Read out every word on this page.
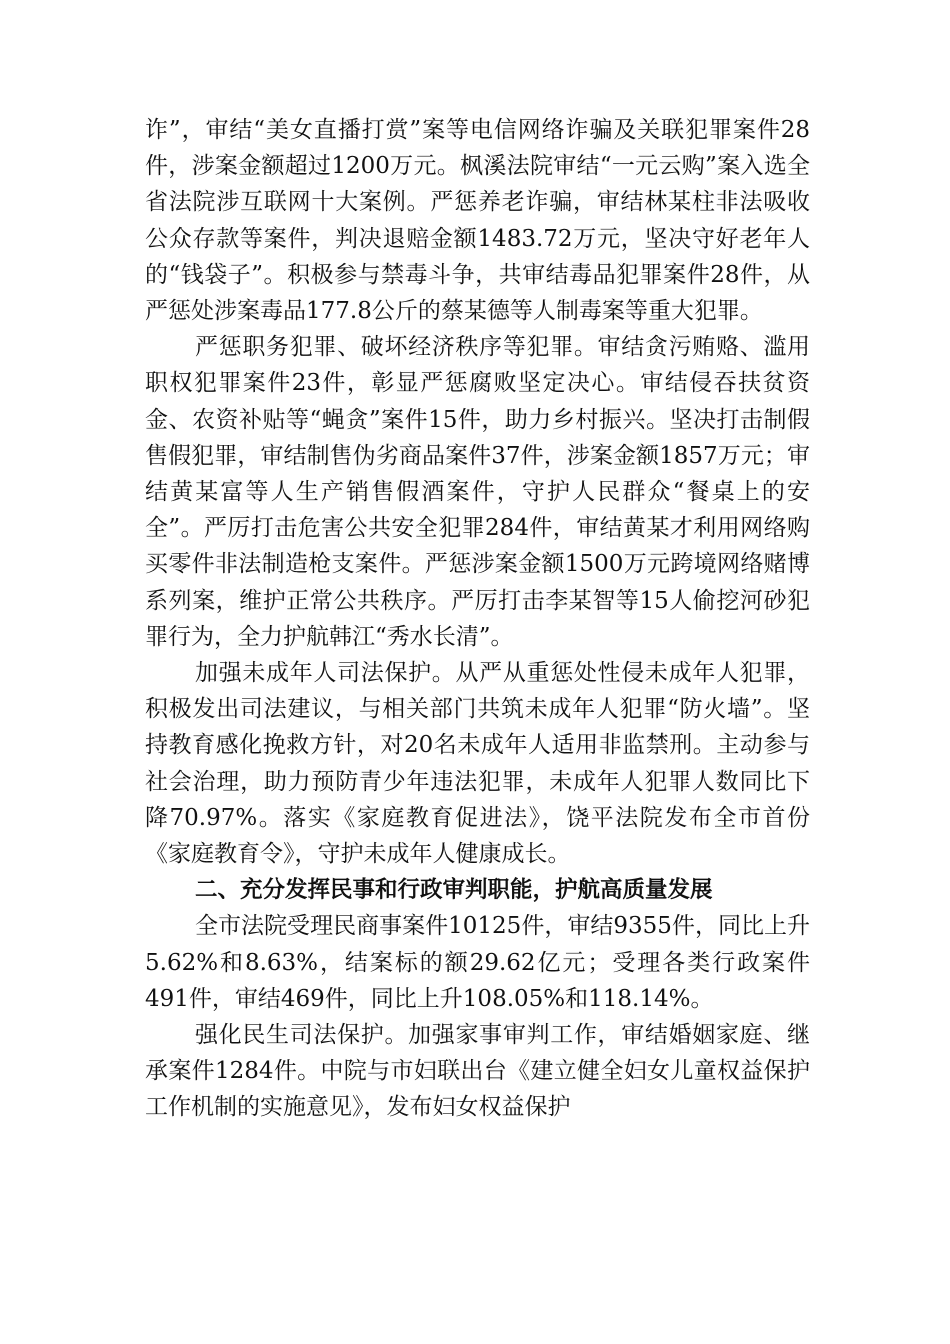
诈”，审结“美女直播打赏”案等电信网络诈骗及关联犯罪案件28件，涉案金额超过1200万元。枫溪法院审结“一元云购”案入选全省法院涉互联网十大案例。严惩养老诈骗，审结林某柱非法吸收公众存款等案件，判决退赔金额1483.72万元，坚决守好老年人的“钱袋子”。积极参与禁毒斗争，共审结毒品犯罪案件28件，从严惩处涉案毒品177.8公斤的蔡某德等人制毒案等重大犯罪。

严惩职务犯罪、破坏经济秩序等犯罪。审结贪污贿赂、滥用职权犯罪案件23件，彰显严惩腐败坚定决心。审结侵吞扶贫资金、农资补贴等“蝇贪”案件15件，助力乡村振兴。坚决打击制假售假犯罪，审结制售伪劣商品案件37件，涉案金额1857万元；审结黄某富等人生产销售假酒案件，守护人民群众“餐桌上的安全”。严厉打击危害公共安全犯罪284件，审结黄某才利用网络购买零件非法制造枪支案件。严惩涉案金额1500万元跨境网络赌博系列案，维护正常公共秩序。严厉打击李某智等15人偷挖河砂犯罪行为，全力护航韩江“秀水长清”。

加强未成年人司法保护。从严从重惩处性侵未成年人犯罪，积极发出司法建议，与相关部门共筑未成年人犯罪“防火墙”。坚持教育感化挽救方针，对20名未成年人适用非监禁刑。主动参与社会治理，助力预防青少年违法犯罪，未成年人犯罪人数同比下降70.97%。落实《家庭教育促进法》，饶平法院发布全市首份《家庭教育令》，守护未成年人健康成长。

二、充分发挥民事和行政审判职能，护航高质量发展

全市法院受理民商事案件10125件，审结9355件，同比上升5.62%和8.63%，结案标的额29.62亿元；受理各类行政案件491件，审结469件，同比上升108.05%和118.14%。

强化民生司法保护。加强家事审判工作，审结婚姻家庭、继承案件1284件。中院与市妇联出台《建立健全妇女儿童权益保护工作机制的实施意见》，发布妇女权益保护
